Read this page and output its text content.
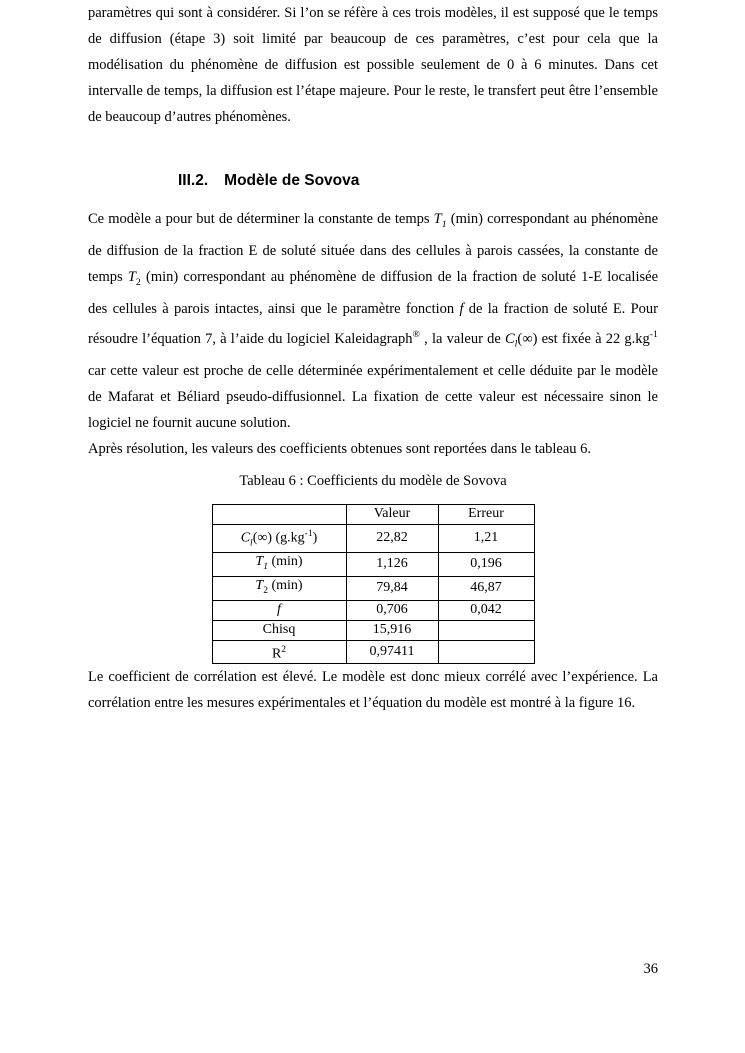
paramètres qui sont à considérer. Si l’on se réfère à ces trois modèles, il est supposé que le temps de diffusion (étape 3) soit limité par beaucoup de ces paramètres, c’est pour cela que la modélisation du phénomène de diffusion est possible seulement de 0 à 6 minutes. Dans cet intervalle de temps, la diffusion est l’étape majeure. Pour le reste, le transfert peut être l’ensemble de beaucoup d’autres phénomènes.

III.2. Modèle de Sovova

Ce modèle a pour but de déterminer la constante de temps $T_1$ (min) correspondant au phénomène de diffusion de la fraction E de soluté située dans des cellules à parois cassées, la constante de temps $T_2$ (min) correspondant au phénomène de diffusion de la fraction de soluté 1-E localisée des cellules à parois intactes, ainsi que le paramètre fonction f de la fraction de soluté E. Pour résoudre l’équation 7, à l’aide du logiciel Kaleidagraph® , la valeur de $C_l(\infty)$ est fixée à 22 $g.kg^{-1}$ car cette valeur est proche de celle déterminée expérimentalement et celle déduite par le modèle de Mafarat et Béliard pseudo-diffusionnel. La fixation de cette valeur est nécessaire sinon le logiciel ne fournit aucune solution.

Après résolution, les valeurs des coefficients obtenues sont reportées dans le tableau 6.

Tableau 6 : Coefficients du modèle de Sovova

	Valeur	Erreur
$C_l(\infty)$ $(g.kg^{-1})$	22,82	1,21
$T_1$ (min)	1,126	0,196
$T_2$ (min)	79,84	46,87
f	0,706	0,042
Chisq	15,916	
$R^2$	0,97411	

Le coefficient de corrélation est élevé. Le modèle est donc mieux corrélé avec l’expérience. La corrélation entre les mesures expérimentales et l’équation du modèle est montré à la figure 16.

36
